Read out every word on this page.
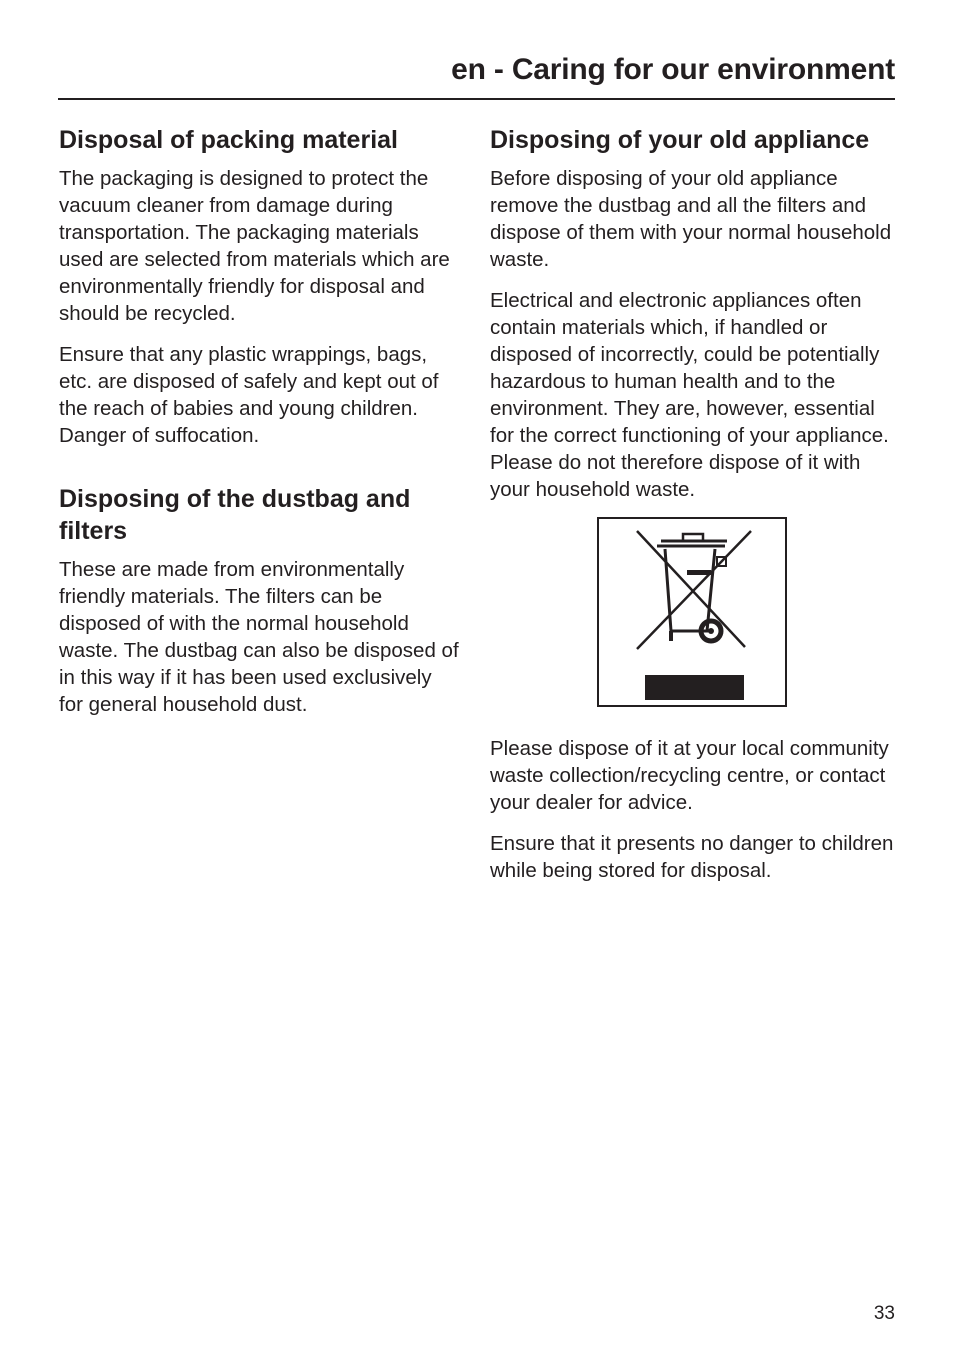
en - Caring for our environment
Disposal of packing material

The packaging is designed to protect the vacuum cleaner from damage during transportation. The packaging materials used are selected from materials which are environmentally friendly for disposal and should be recycled.

Ensure that any plastic wrappings, bags, etc. are disposed of safely and kept out of the reach of babies and young children. Danger of suffocation.

Disposing of the dustbag and filters

These are made from environmentally friendly materials. The filters can be disposed of with the normal household waste. The dustbag can also be disposed of in this way if it has been used exclusively for general household dust.

Disposing of your old appliance

Before disposing of your old appliance remove the dustbag and all the filters and dispose of them with your normal household waste.

Electrical and electronic appliances often contain materials which, if handled or disposed of incorrectly, could be potentially hazardous to human health and to the environment. They are, however, essential for the correct functioning of your appliance. Please do not therefore dispose of it with your household waste.

Please dispose of it at your local community waste collection/recycling centre, or contact your dealer for advice.

Ensure that it presents no danger to children while being stored for disposal.

33
